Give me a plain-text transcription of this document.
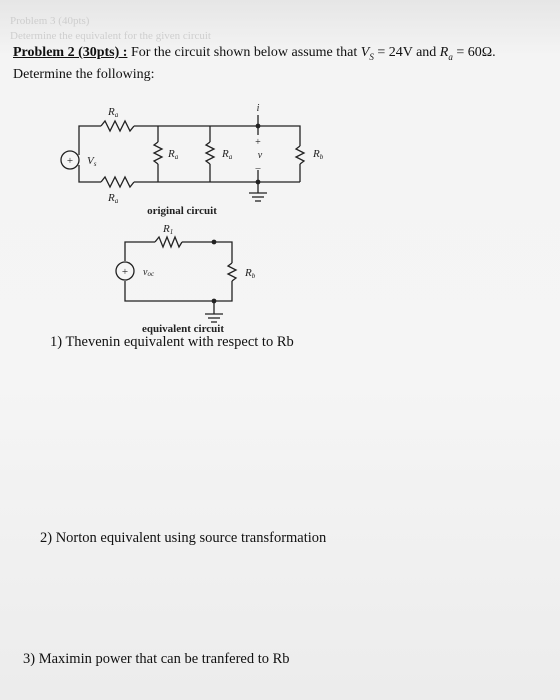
Problem 3 (40pts)
Determine the equivalent for the given circuit
Problem 2 (30pts) : For the circuit shown below assume that $V_S = 24V$ and $R_a = 60\Omega$.
Determine the following:
+ Vs
Ra
Ra
Ra	Ra	Rb
i
+
v
–
original circuit
+ voc
R1
Rb
equivalent circuit
1) Thevenin equivalent with respect to Rb
2) Norton equivalent using source transformation
3) Maximin power that can be tranfered to Rb
